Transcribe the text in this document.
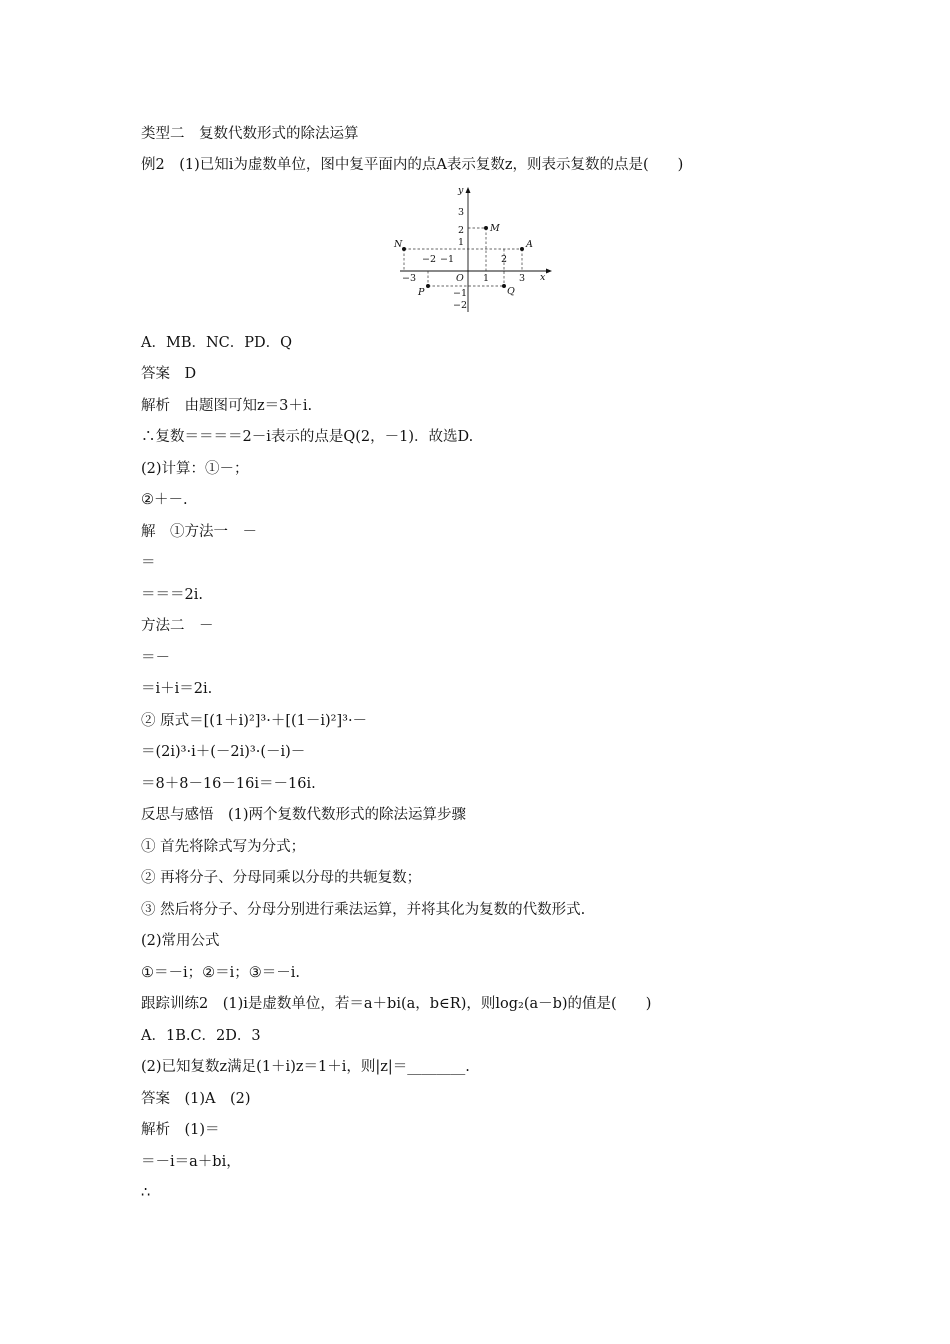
类型二　复数代数形式的除法运算
例2　(1)已知i为虚数单位，图中复平面内的点A表示复数z，则表示复数的点是(　　)
M
A
N
P	Q
y
x
O
3
2
1
−1
−2
−3
−2 −1
1
2
3
A．MB．NC．PD．Q
答案　D
解析　由题图可知z＝3＋i.
∴复数＝＝＝＝2－i表示的点是Q(2，－1)．故选D.
(2)计算：①－；
②＋－.
解　①方法一　－
＝
＝＝＝2i.
方法二　－
＝－
＝i＋i＝2i.
② 原式＝[(1＋i)²]³·＋[(1－i)²]³·－
＝(2i)³·i＋(－2i)³·(－i)－
＝8＋8－16－16i＝－16i.
反思与感悟　(1)两个复数代数形式的除法运算步骤
① 首先将除式写为分式；
② 再将分子、分母同乘以分母的共轭复数；
③ 然后将分子、分母分别进行乘法运算，并将其化为复数的代数形式.
(2)常用公式
①＝－i；②＝i；③＝－i.
跟踪训练2　(1)i是虚数单位，若＝a＋bi(a，b∈R)，则log₂(a－b)的值是(　　)
A．1B.C．2D．3
(2)已知复数z满足(1＋i)z＝1＋i，则|z|＝________.
答案　(1)A　(2)
解析　(1)＝
＝－i＝a＋bi，
∴
